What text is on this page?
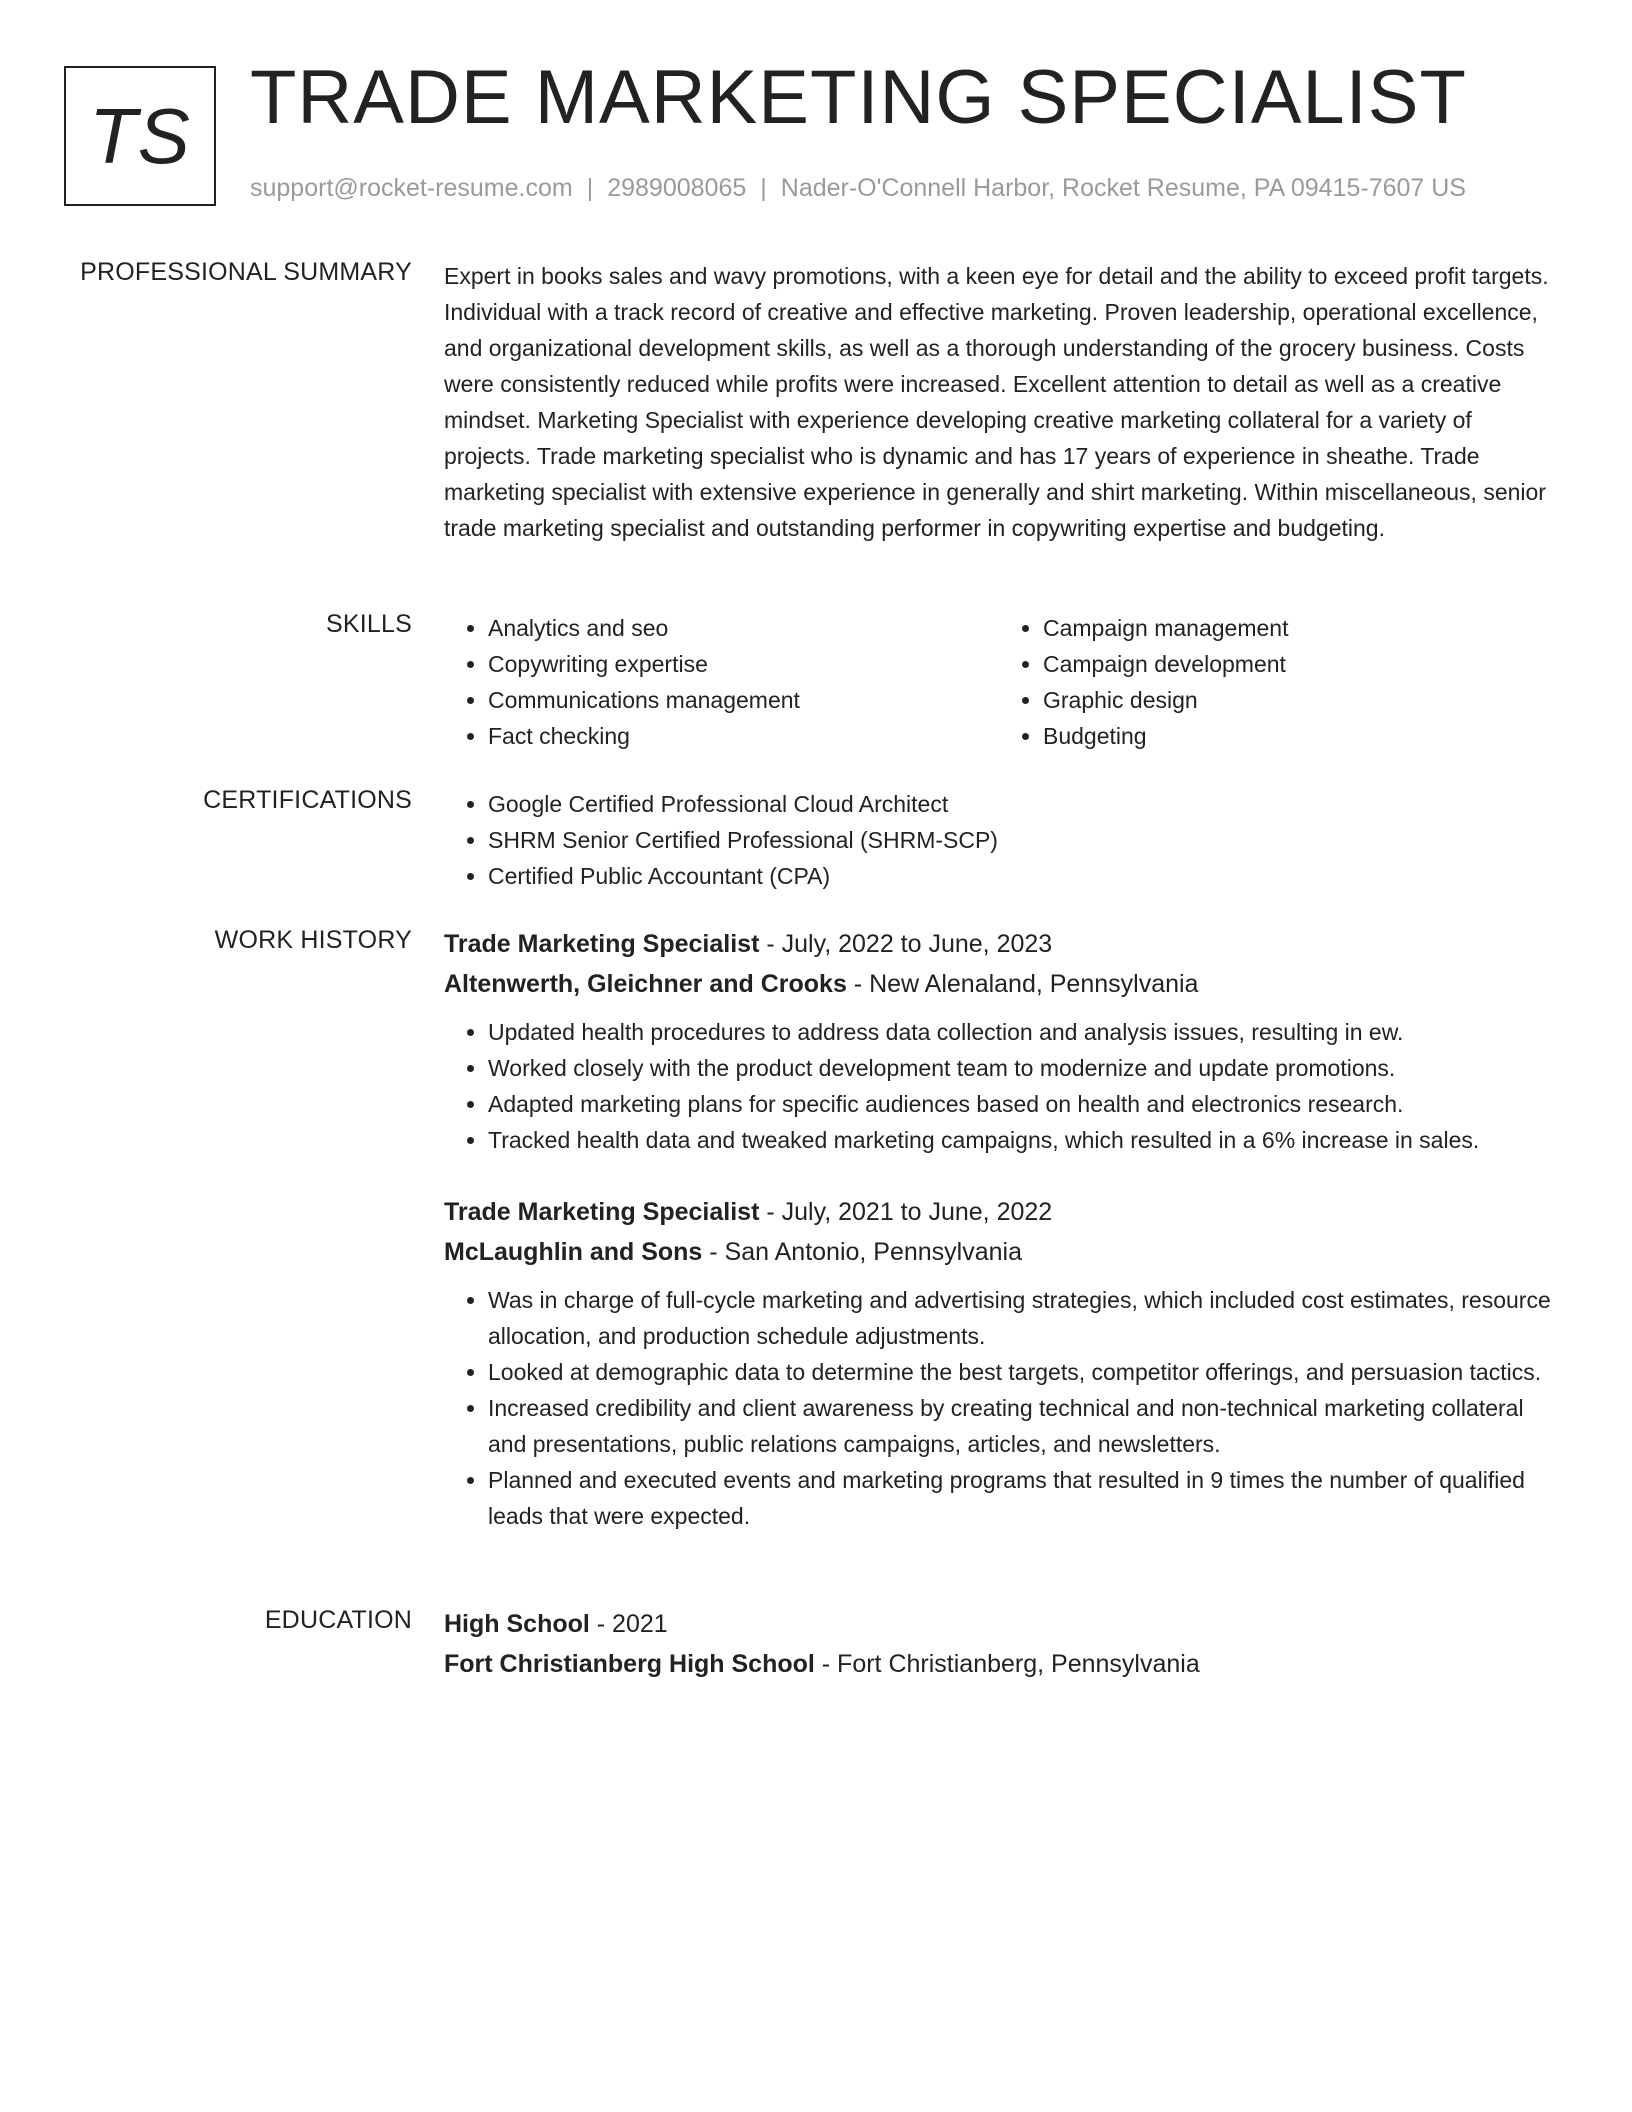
TS TRADE MARKETING SPECIALIST
support@rocket-resume.com | 2989008065 | Nader-O'Connell Harbor, Rocket Resume, PA 09415-7607 US
PROFESSIONAL SUMMARY Expert in books sales and wavy promotions, with a keen eye for detail and the ability to exceed profit targets. Individual with a track record of creative and effective marketing. Proven leadership, operational excellence, and organizational development skills, as well as a thorough understanding of the grocery business. Costs were consistently reduced while profits were increased. Excellent attention to detail as well as a creative mindset. Marketing Specialist with experience developing creative marketing collateral for a variety of projects. Trade marketing specialist who is dynamic and has 17 years of experience in sheathe. Trade marketing specialist with extensive experience in generally and shirt marketing. Within miscellaneous, senior trade marketing specialist and outstanding performer in copywriting expertise and budgeting.

SKILLS	• Analytics and seo
• Copywriting expertise
• Communications management
• Fact checking
• Campaign management
• Campaign development
• Graphic design
• Budgeting
CERTIFICATIONS	• Google Certified Professional Cloud Architect
• SHRM Senior Certified Professional (SHRM-SCP)
• Certified Public Accountant (CPA)
WORK HISTORY Trade Marketing Specialist - July, 2022 to June, 2023
Altenwerth, Gleichner and Crooks - New Alenaland, Pennsylvania
• Updated health procedures to address data collection and analysis issues, resulting in ew.
• Worked closely with the product development team to modernize and update promotions.
• Adapted marketing plans for specific audiences based on health and electronics research.
• Tracked health data and tweaked marketing campaigns, which resulted in a 6% increase in sales.
Trade Marketing Specialist - July, 2021 to June, 2022
McLaughlin and Sons - San Antonio, Pennsylvania
• Was in charge of full-cycle marketing and advertising strategies, which included cost estimates, resource allocation, and production schedule adjustments.
• Looked at demographic data to determine the best targets, competitor offerings, and persuasion tactics.
• Increased credibility and client awareness by creating technical and non-technical marketing collateral and presentations, public relations campaigns, articles, and newsletters.
• Planned and executed events and marketing programs that resulted in 9 times the number of qualified leads that were expected.
EDUCATION High School - 2021
Fort Christianberg High School - Fort Christianberg, Pennsylvania
